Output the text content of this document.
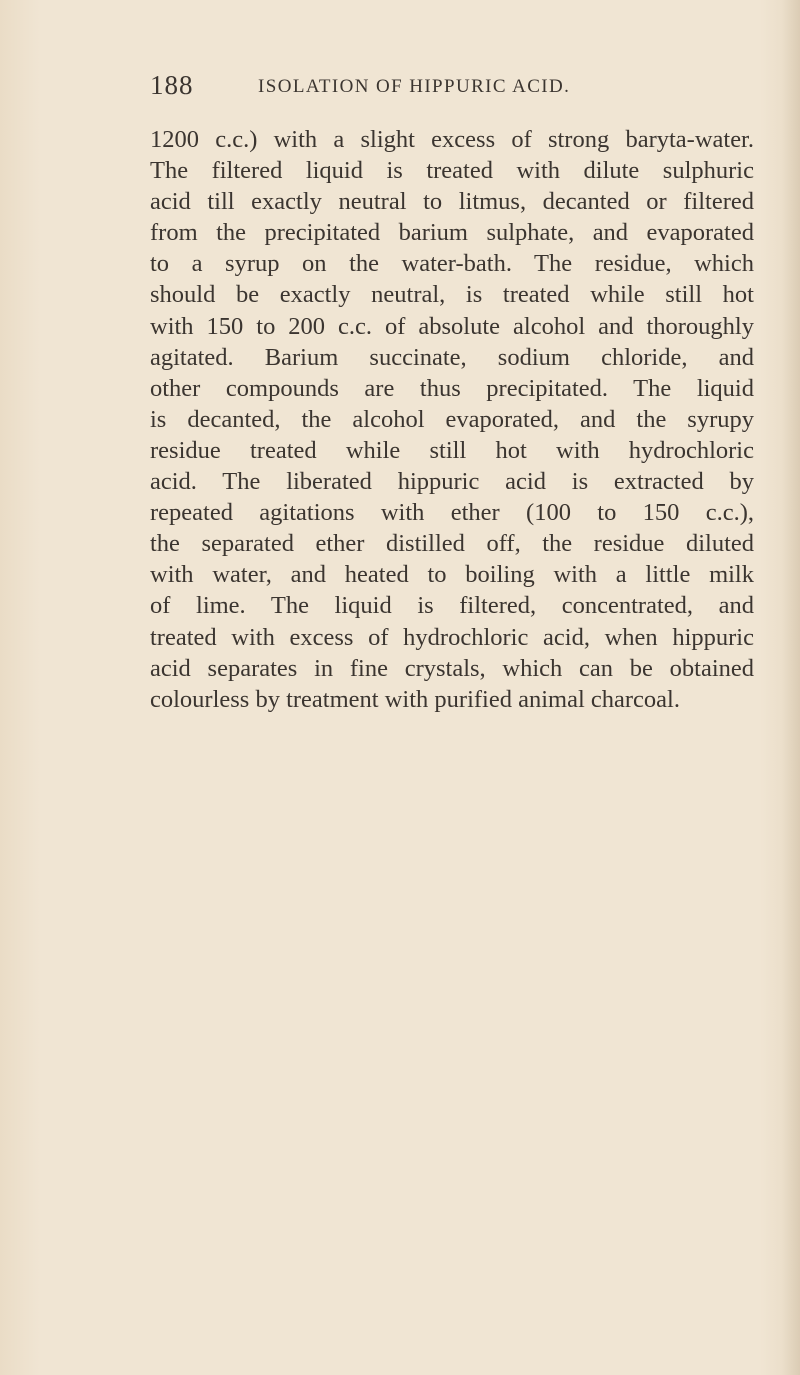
188	ISOLATION OF HIPPURIC ACID.
1200 c.c.) with a slight excess of strong baryta-water.
The filtered liquid is treated with dilute sulphuric
acid till exactly neutral to litmus, decanted or filtered
from the precipitated barium sulphate, and evaporated
to a syrup on the water-bath. The residue, which
should be exactly neutral, is treated while still hot
with 150 to 200 c.c. of absolute alcohol and thoroughly
agitated. Barium succinate, sodium chloride, and
other compounds are thus precipitated. The liquid
is decanted, the alcohol evaporated, and the syrupy
residue treated while still hot with hydrochloric
acid. The liberated hippuric acid is extracted by
repeated agitations with ether (100 to 150 c.c.),
the separated ether distilled off, the residue diluted
with water, and heated to boiling with a little milk
of lime. The liquid is filtered, concentrated, and
treated with excess of hydrochloric acid, when hippuric
acid separates in fine crystals, which can be obtained
colourless by treatment with purified animal charcoal.
